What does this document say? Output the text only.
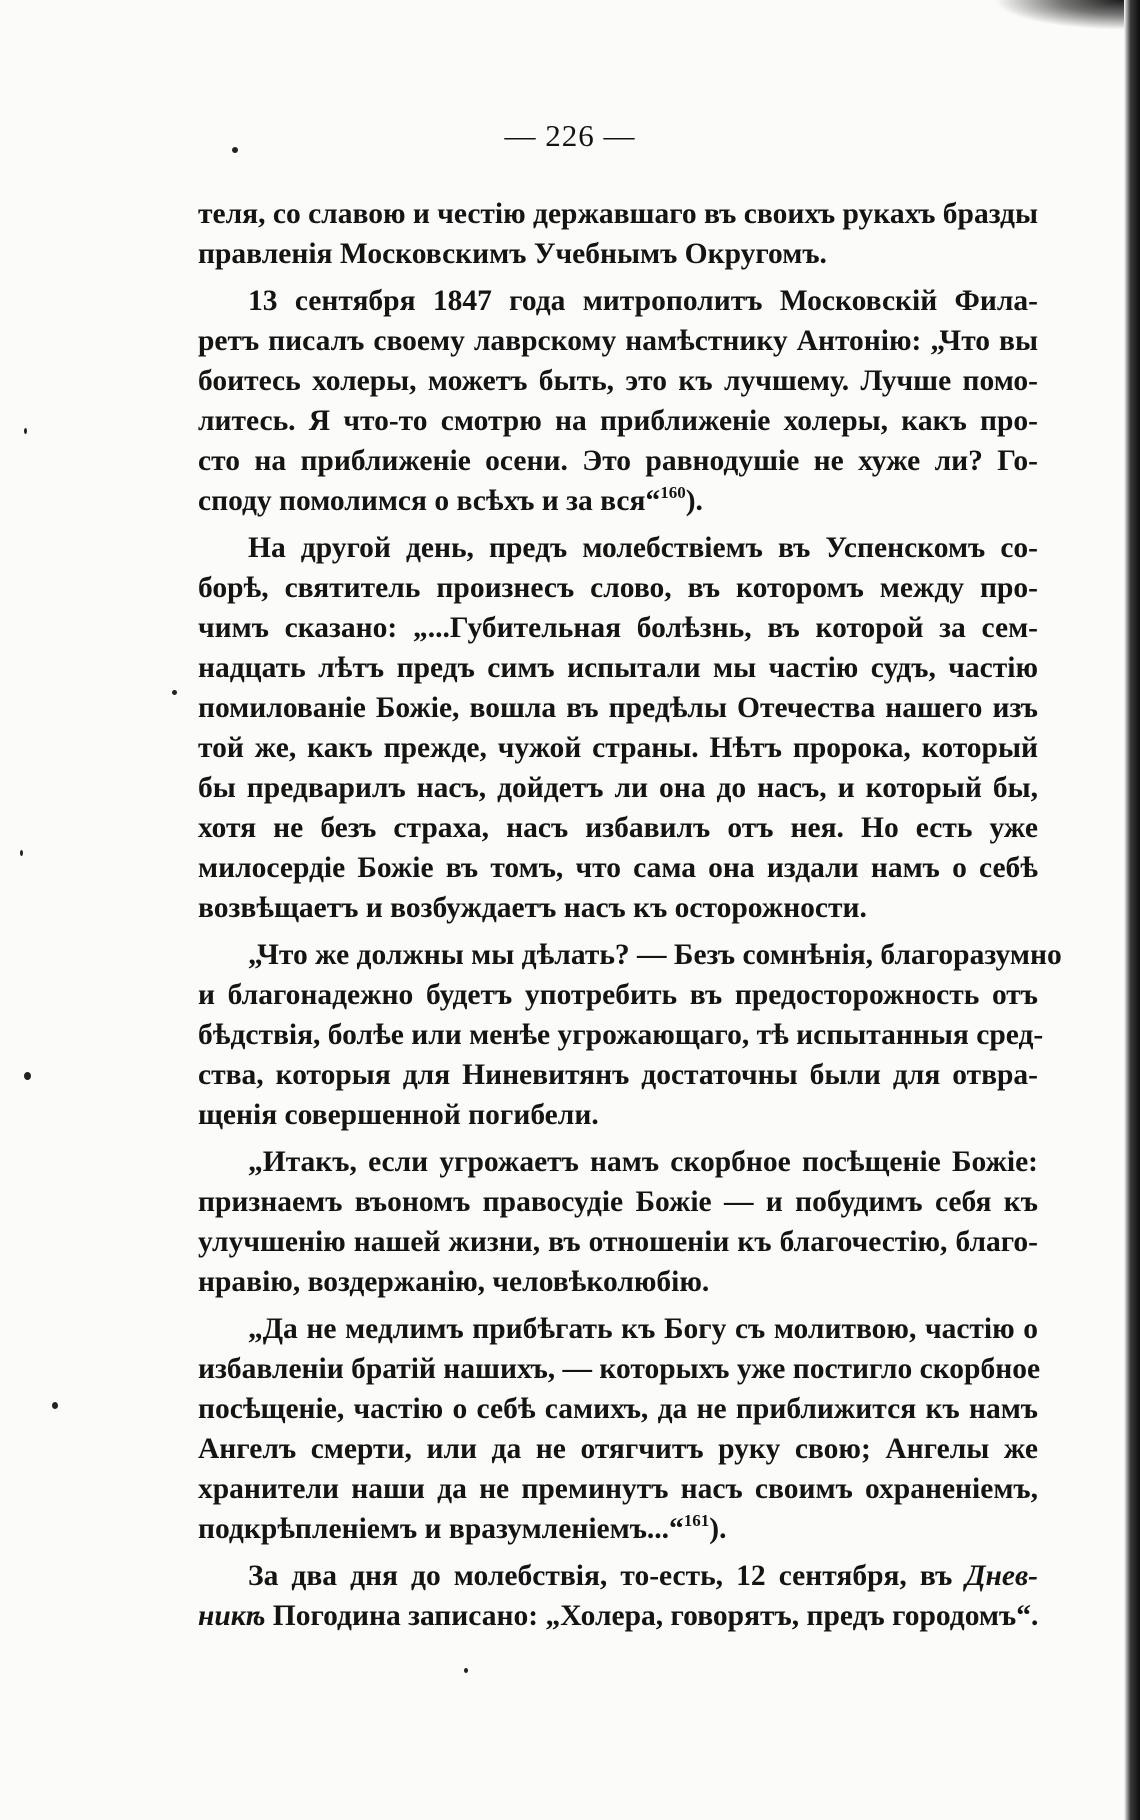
— 226 —
теля, со славою и честію державшаго въ своихъ рукахъ бразды
правленія Московскимъ Учебнымъ Округомъ.
13 сентября 1847 года митрополитъ Московскій Фила-
ретъ писалъ своему лаврскому намѣстнику Антонію: „Что вы
боитесь холеры, можетъ быть, это къ лучшему. Лучше помо-
литесь. Я что-то смотрю на приближеніе холеры, какъ про-
сто на приближеніе осени. Это равнодушіе не хуже ли? Го-
споду помолимся о всѣхъ и за вся“$^{160}$).
На другой день, предъ молебствіемъ въ Успенскомъ со-
борѣ, святитель произнесъ слово, въ которомъ между про-
чимъ сказано: „...Губительная болѣзнь, въ которой за сем-
надцать лѣтъ предъ симъ испытали мы частію судъ, частію
помилованіе Божіе, вошла въ предѣлы Отечества нашего изъ
той же, какъ прежде, чужой страны. Нѣтъ пророка, который
бы предварилъ насъ, дойдетъ ли она до насъ, и который бы,
хотя не безъ страха, насъ избавилъ отъ нея. Но есть уже
милосердіе Божіе въ томъ, что сама она издали намъ о себѣ
возвѣщаетъ и возбуждаетъ насъ къ осторожности.
„Что же должны мы дѣлать? — Безъ сомнѣнія, благоразумно
и благонадежно будетъ употребить въ предосторожность отъ
бѣдствія, болѣе или менѣе угрожающаго, тѣ испытанныя сред-
ства, которыя для Ниневитянъ достаточны были для отвра-
щенія совершенной погибели.
„Итакъ, если угрожаетъ намъ скорбное посѣщеніе Божіе:
признаемъ въономъ правосудіе Божіе — и побудимъ себя къ
улучшенію нашей жизни, въ отношеніи къ благочестію, благо-
нравію, воздержанію, человѣколюбію.
„Да не медлимъ прибѣгать къ Богу съ молитвою, частію о
избавленіи братій нашихъ, — которыхъ уже постигло скорбное
посѣщеніе, частію о себѣ самихъ, да не приближится къ намъ
Ангелъ смерти, или да не отягчитъ руку свою; Ангелы же
хранители наши да не преминутъ насъ своимъ охраненіемъ,
подкрѣпленіемъ и вразумленіемъ...“$^{161}$).
За два дня до молебствія, то-есть, 12 сентября, въ Днев-
никѣ Погодина записано: „Холера, говорятъ, предъ городомъ“.
